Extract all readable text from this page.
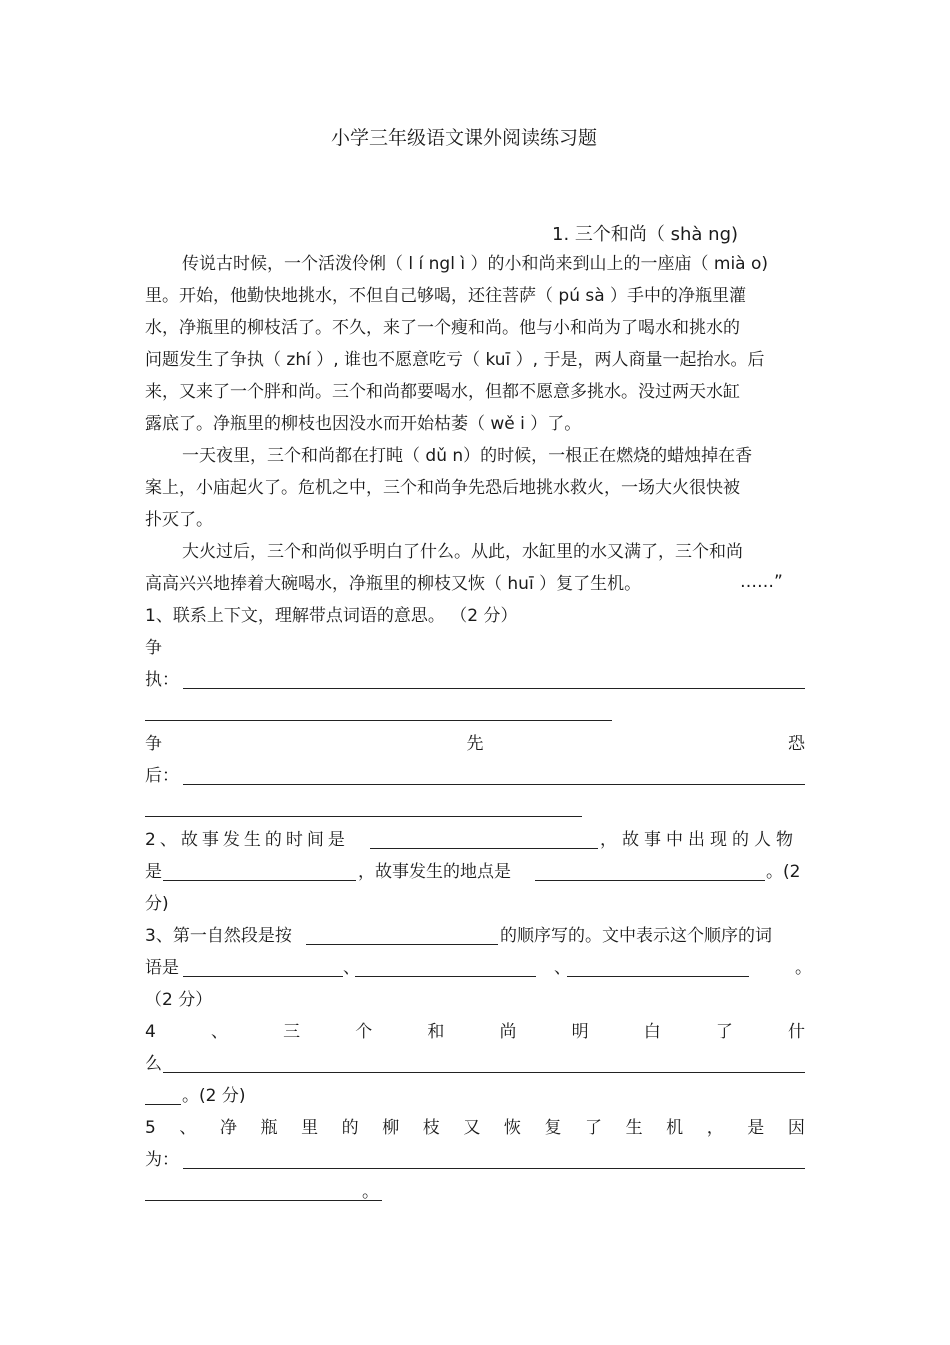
小学三年级语文课外阅读练习题
1. 三个和尚（ shà ng)
传说古时候，一个活泼伶俐（ l í ngl ì ）的小和尚来到山上的一座庙（ mià o)
里。开始，他勤快地挑水，不但自己够喝，还往菩萨（ pú sà ）手中的净瓶里灌
水，净瓶里的柳枝活了。不久，来了一个瘦和尚。他与小和尚为了喝水和挑水的
问题发生了争执（ zhí ）, 谁也不愿意吃亏（ kuī ）, 于是，两人商量一起抬水。后
来，又来了一个胖和尚。三个和尚都要喝水，但都不愿意多挑水。没过两天水缸
露底了。净瓶里的柳枝也因没水而开始枯萎（ wě i ）了。
一天夜里，三个和尚都在打盹（ dǔ n）的时候，一根正在燃烧的蜡烛掉在香
案上，小庙起火了。危机之中，三个和尚争先恐后地挑水救火，一场大火很快被
扑灭了。
大火过后，三个和尚似乎明白了什么。从此，水缸里的水又满了，三个和尚
高高兴兴地捧着大碗喝水，净瓶里的柳枝又恢（ huī ）复了生机。	……”
1、联系上下文，理解带点词语的意思。 （2 分）
争
执：
争	先	恐
后：
2、故事发生的时间是	，故事中出现的人物
是	，故事发生的地点是	。(2
分)
3、第一自然段是按	的顺序写的。文中表示这个顺序的词
语是	、	、	。
（2 分）
4	、	三	个	和	尚	明	白	了	什
么
。(2 分)
5 、 净 瓶 里 的 柳 枝 又 恢 复 了 生 机 ， 是 因
为：
。
